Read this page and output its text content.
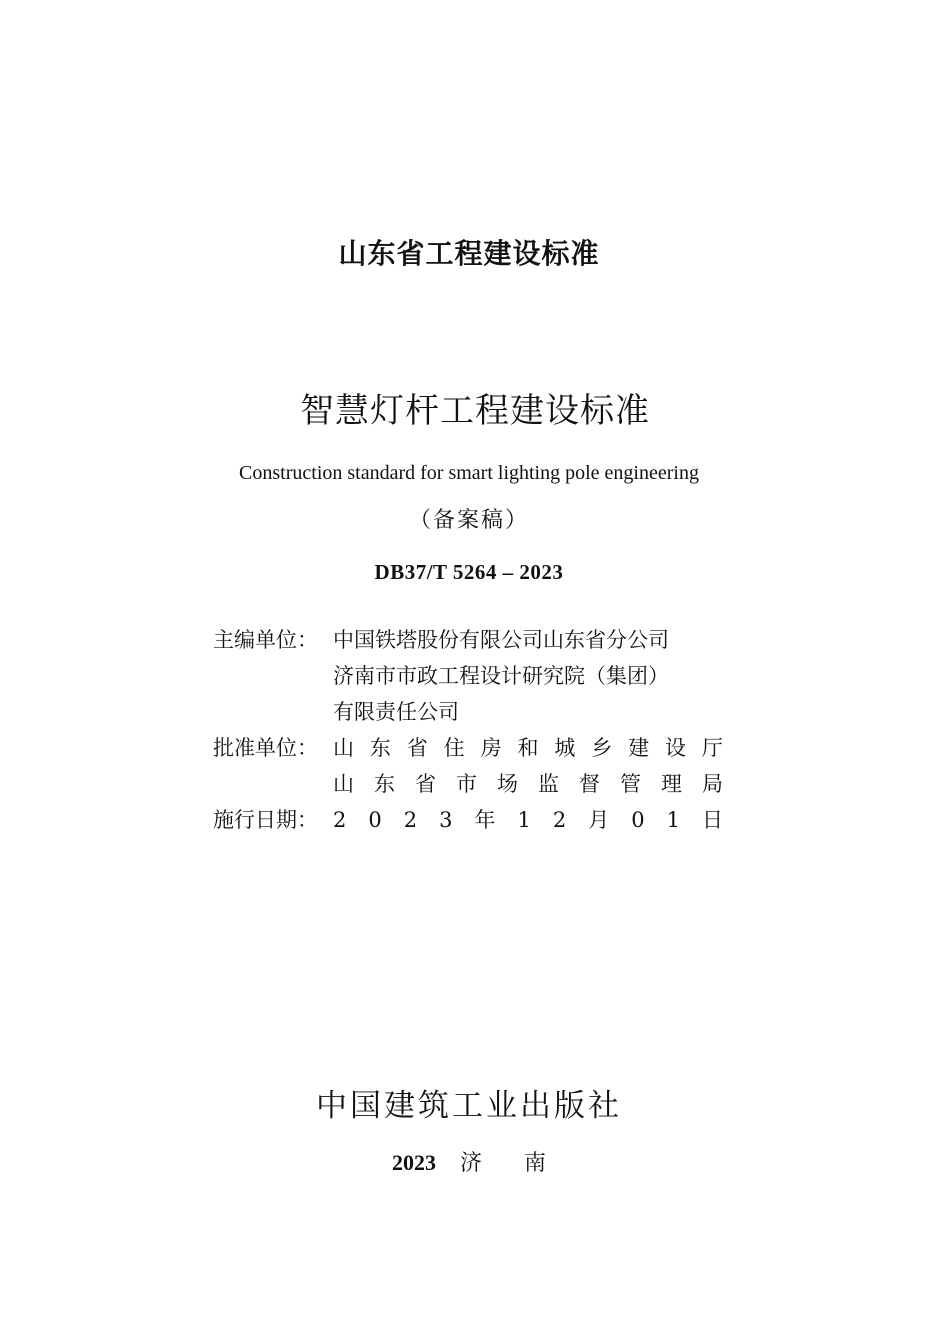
山东省工程建设标准
智慧灯杆工程建设标准
Construction standard for smart lighting pole engineering
（备案稿）
DB37/T 5264 – 2023
主编单位： 中国铁塔股份有限公司山东省分公司
济南市市政工程设计研究院（集团）
有限责任公司
批准单位： 山 东 省 住 房 和 城 乡 建 设 厅
山 东 省 市 场 监 督 管 理 局
施行日期： 2 0 2 3 年 1 2 月 0 1 日
中国建筑工业出版社
2023 济 南
